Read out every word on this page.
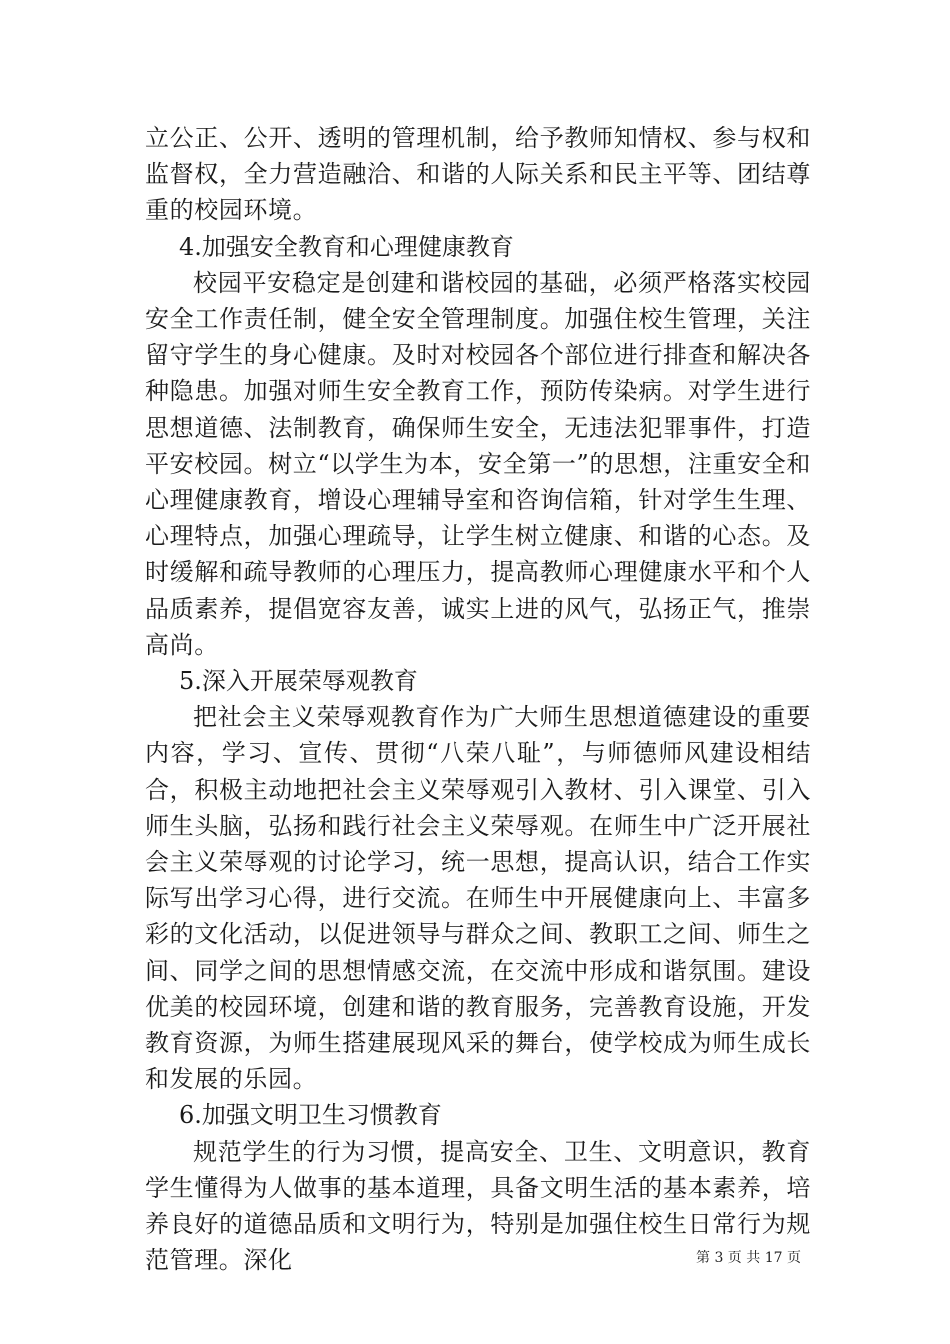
立公正、公开、透明的管理机制，给予教师知情权、参与权和监督权，全力营造融洽、和谐的人际关系和民主平等、团结尊重的校园环境。

4.加强安全教育和心理健康教育

校园平安稳定是创建和谐校园的基础，必须严格落实校园安全工作责任制，健全安全管理制度。加强住校生管理，关注留守学生的身心健康。及时对校园各个部位进行排查和解决各种隐患。加强对师生安全教育工作，预防传染病。对学生进行思想道德、法制教育，确保师生安全，无违法犯罪事件，打造平安校园。树立“以学生为本，安全第一”的思想，注重安全和心理健康教育，增设心理辅导室和咨询信箱，针对学生生理、心理特点，加强心理疏导，让学生树立健康、和谐的心态。及时缓解和疏导教师的心理压力，提高教师心理健康水平和个人品质素养，提倡宽容友善，诚实上进的风气，弘扬正气，推崇高尚。

5.深入开展荣辱观教育

把社会主义荣辱观教育作为广大师生思想道德建设的重要内容，学习、宣传、贯彻“八荣八耻”，与师德师风建设相结合，积极主动地把社会主义荣辱观引入教材、引入课堂、引入师生头脑，弘扬和践行社会主义荣辱观。在师生中广泛开展社会主义荣辱观的讨论学习，统一思想，提高认识，结合工作实际写出学习心得，进行交流。在师生中开展健康向上、丰富多彩的文化活动，以促进领导与群众之间、教职工之间、师生之间、同学之间的思想情感交流，在交流中形成和谐氛围。建设优美的校园环境，创建和谐的教育服务，完善教育设施，开发教育资源，为师生搭建展现风采的舞台，使学校成为师生成长和发展的乐园。

6.加强文明卫生习惯教育

规范学生的行为习惯，提高安全、卫生、文明意识，教育学生懂得为人做事的基本道理，具备文明生活的基本素养，培养良好的道德品质和文明行为，特别是加强住校生日常行为规范管理。深化	第 3 页 共 17 页
